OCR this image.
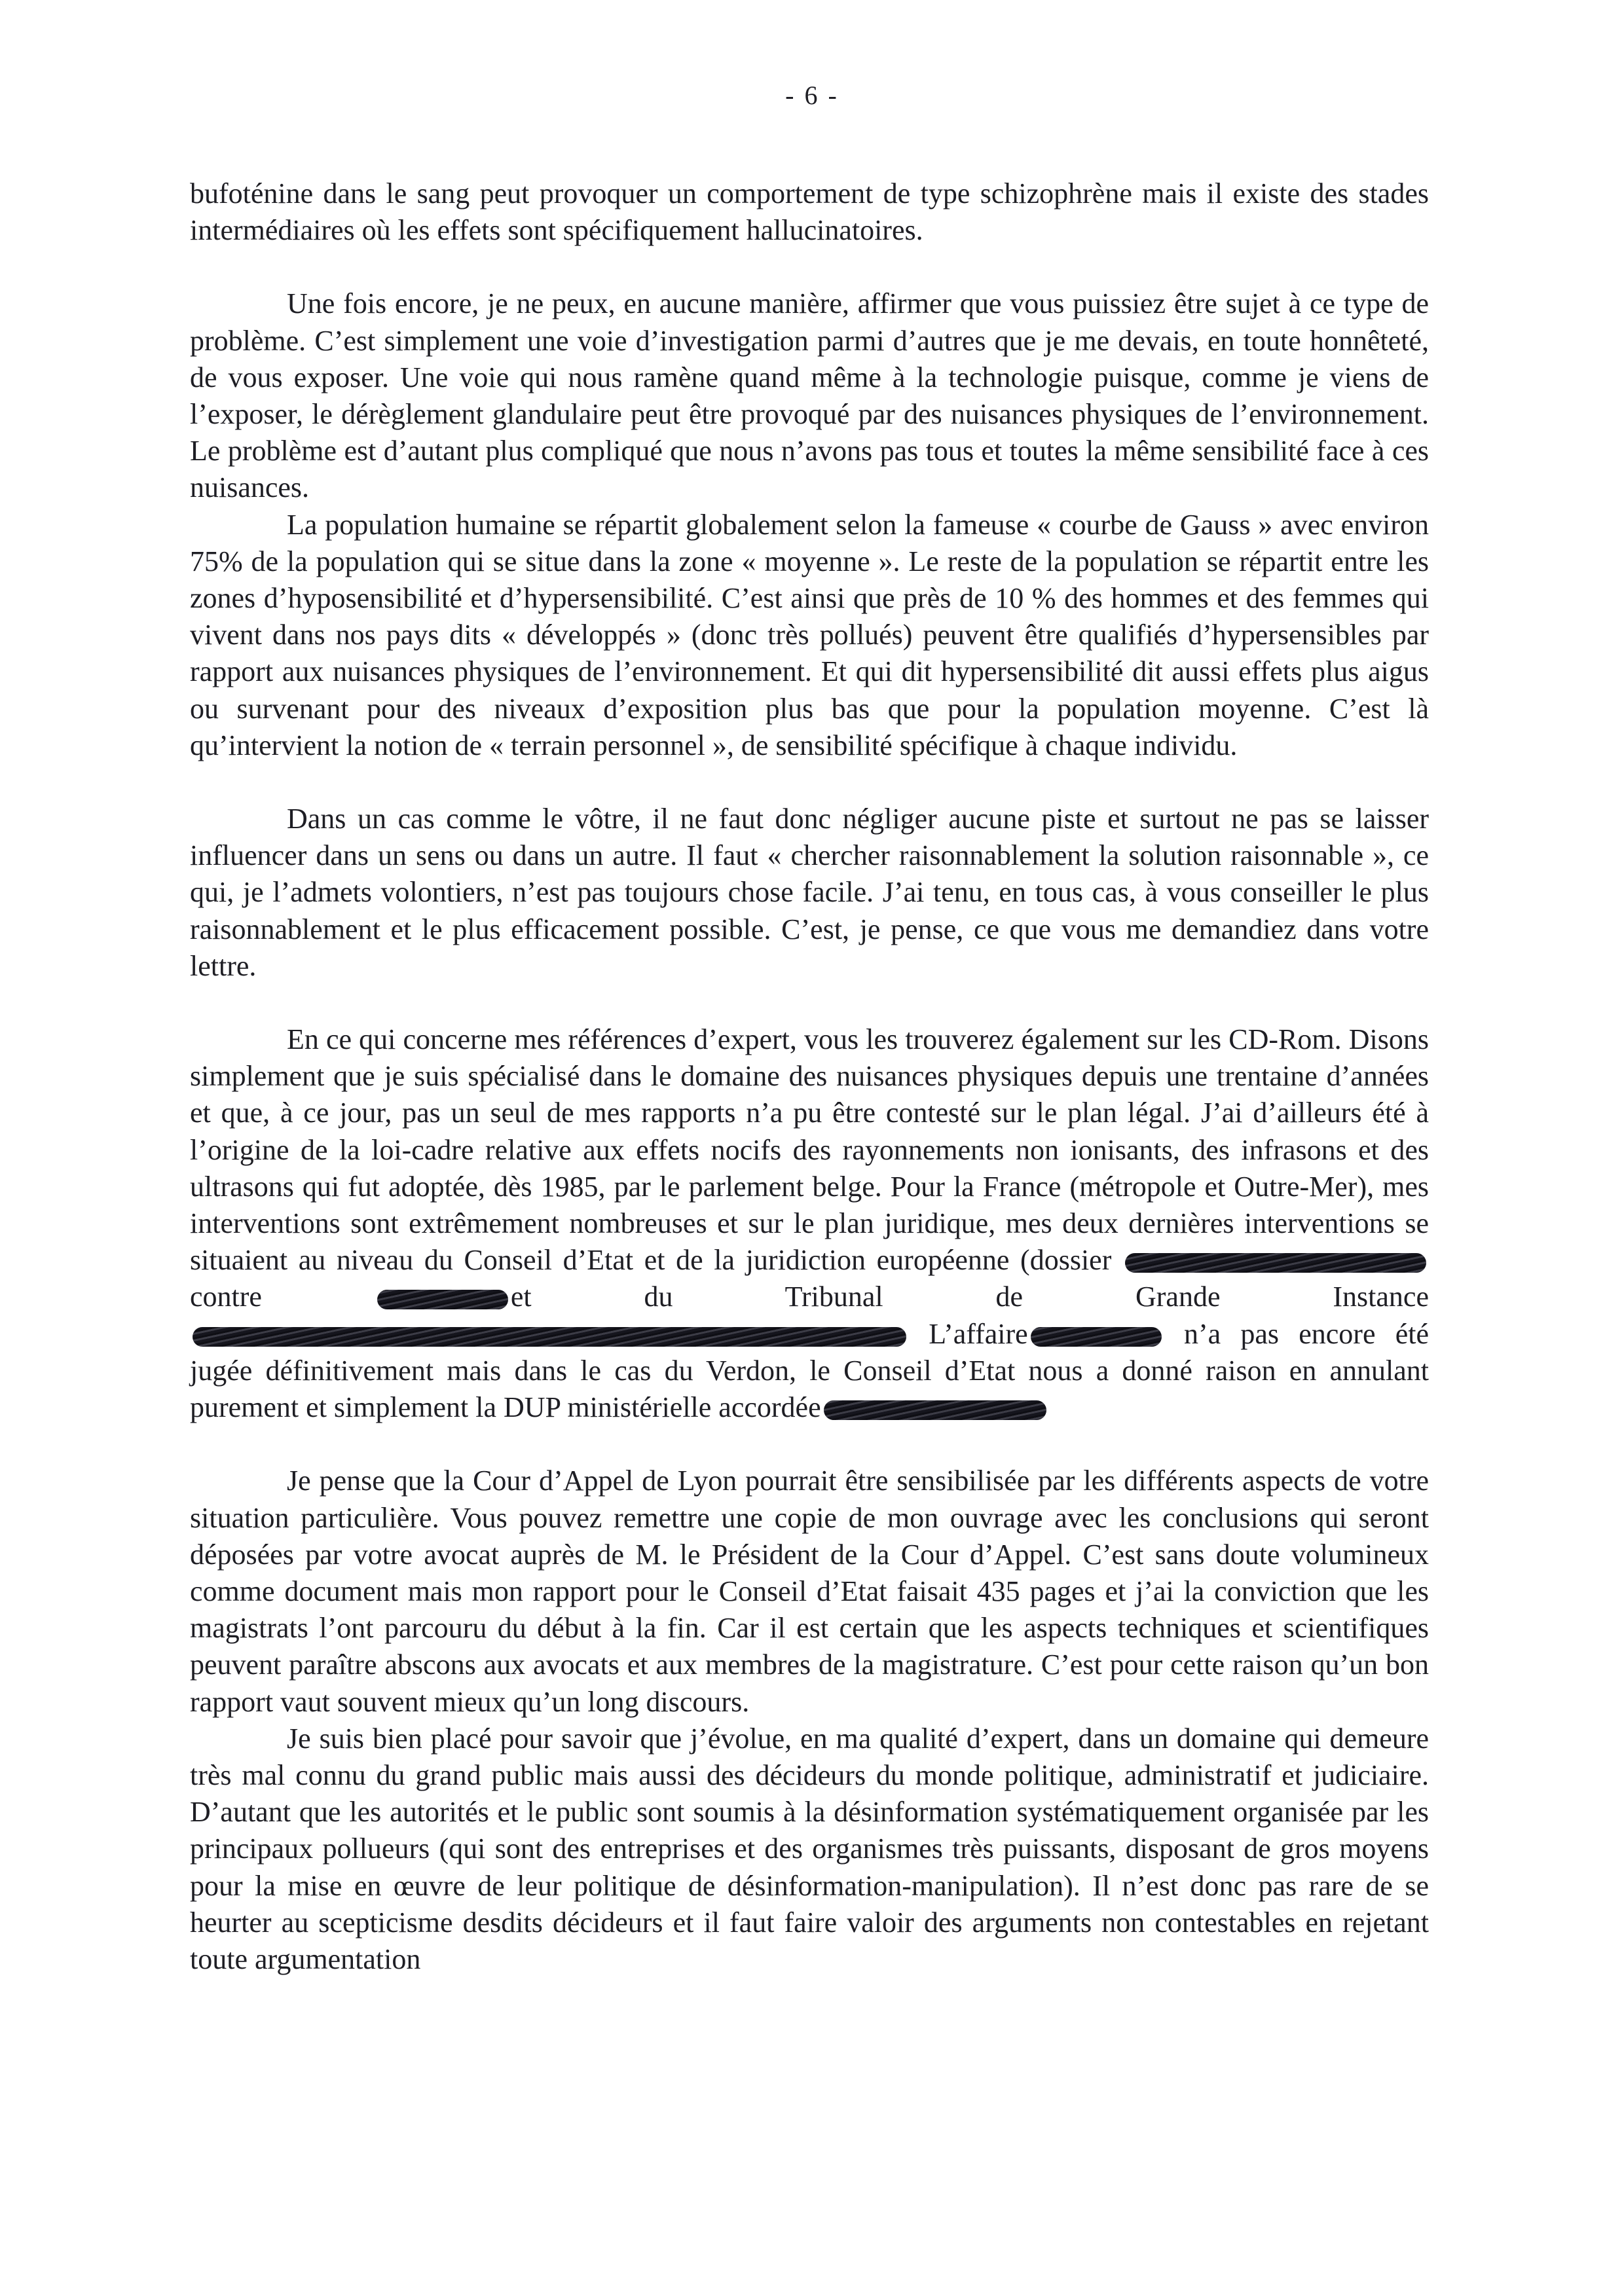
- 6 -

bufoténine dans le sang peut provoquer un comportement de type schizophrène mais il existe des stades intermédiaires où les effets sont spécifiquement hallucinatoires.

Une fois encore, je ne peux, en aucune manière, affirmer que vous puissiez être sujet à ce type de problème. C’est simplement une voie d’investigation parmi d’autres que je me devais, en toute honnêteté, de vous exposer. Une voie qui nous ramène quand même à la technologie puisque, comme je viens de l’exposer, le dérèglement glandulaire peut être provoqué par des nuisances physiques de l’environnement. Le problème est d’autant plus compliqué que nous n’avons pas tous et toutes la même sensibilité face à ces nuisances.

La population humaine se répartit globalement selon la fameuse « courbe de Gauss » avec environ 75% de la population qui se situe dans la zone « moyenne ». Le reste de la population se répartit entre les zones d’hyposensibilité et d’hypersensibilité. C’est ainsi que près de 10 % des hommes et des femmes qui vivent dans nos pays dits « développés » (donc très pollués) peuvent être qualifiés d’hypersensibles par rapport aux nuisances physiques de l’environnement. Et qui dit hypersensibilité dit aussi effets plus aigus ou survenant pour des niveaux d’exposition plus bas que pour la population moyenne. C’est là qu’intervient la notion de « terrain personnel », de sensibilité spécifique à chaque individu.

Dans un cas comme le vôtre, il ne faut donc négliger aucune piste et surtout ne pas se laisser influencer dans un sens ou dans un autre. Il faut « chercher raisonnablement la solution raisonnable », ce qui, je l’admets volontiers, n’est pas toujours chose facile. J’ai tenu, en tous cas, à vous conseiller le plus raisonnablement et le plus efficacement possible. C’est, je pense, ce que vous me demandiez dans votre lettre.

En ce qui concerne mes références d’expert, vous les trouverez également sur les CD-Rom. Disons simplement que je suis spécialisé dans le domaine des nuisances physiques depuis une trentaine d’années et que, à ce jour, pas un seul de mes rapports n’a pu être contesté sur le plan légal. J’ai d’ailleurs été à l’origine de la loi-cadre relative aux effets nocifs des rayonnements non ionisants, des infrasons et des ultrasons qui fut adoptée, dès 1985, par le parlement belge. Pour la France (métropole et Outre-Mer), mes interventions sont extrêmement nombreuses et sur le plan juridique, mes deux dernières interventions se situaient au niveau du Conseil d’Etat et de la juridiction européenne (dossier  contre	et du Tribunal de Grande Instance  L’affaire	n’a pas encore été jugée définitivement mais dans le cas du Verdon, le Conseil d’Etat nous a donné raison en annulant purement et simplement la DUP ministérielle accordée

Je pense que la Cour d’Appel de Lyon pourrait être sensibilisée par les différents aspects de votre situation particulière. Vous pouvez remettre une copie de mon ouvrage avec les conclusions qui seront déposées par votre avocat auprès de M. le Président de la Cour d’Appel. C’est sans doute volumineux comme document mais mon rapport pour le Conseil d’Etat faisait 435 pages et j’ai la conviction que les magistrats l’ont parcouru du début à la fin. Car il est certain que les aspects techniques et scientifiques peuvent paraître abscons aux avocats et aux membres de la magistrature. C’est pour cette raison qu’un bon rapport vaut souvent mieux qu’un long discours.

Je suis bien placé pour savoir que j’évolue, en ma qualité d’expert, dans un domaine qui demeure très mal connu du grand public mais aussi des décideurs du monde politique, administratif et judiciaire. D’autant que les autorités et le public sont soumis à la désinformation systématiquement organisée par les principaux pollueurs (qui sont des entreprises et des organismes très puissants, disposant de gros moyens pour la mise en œuvre de leur politique de désinformation-manipulation). Il n’est donc pas rare de se heurter au scepticisme desdits décideurs et il faut faire valoir des arguments non contestables en rejetant toute argumentation
